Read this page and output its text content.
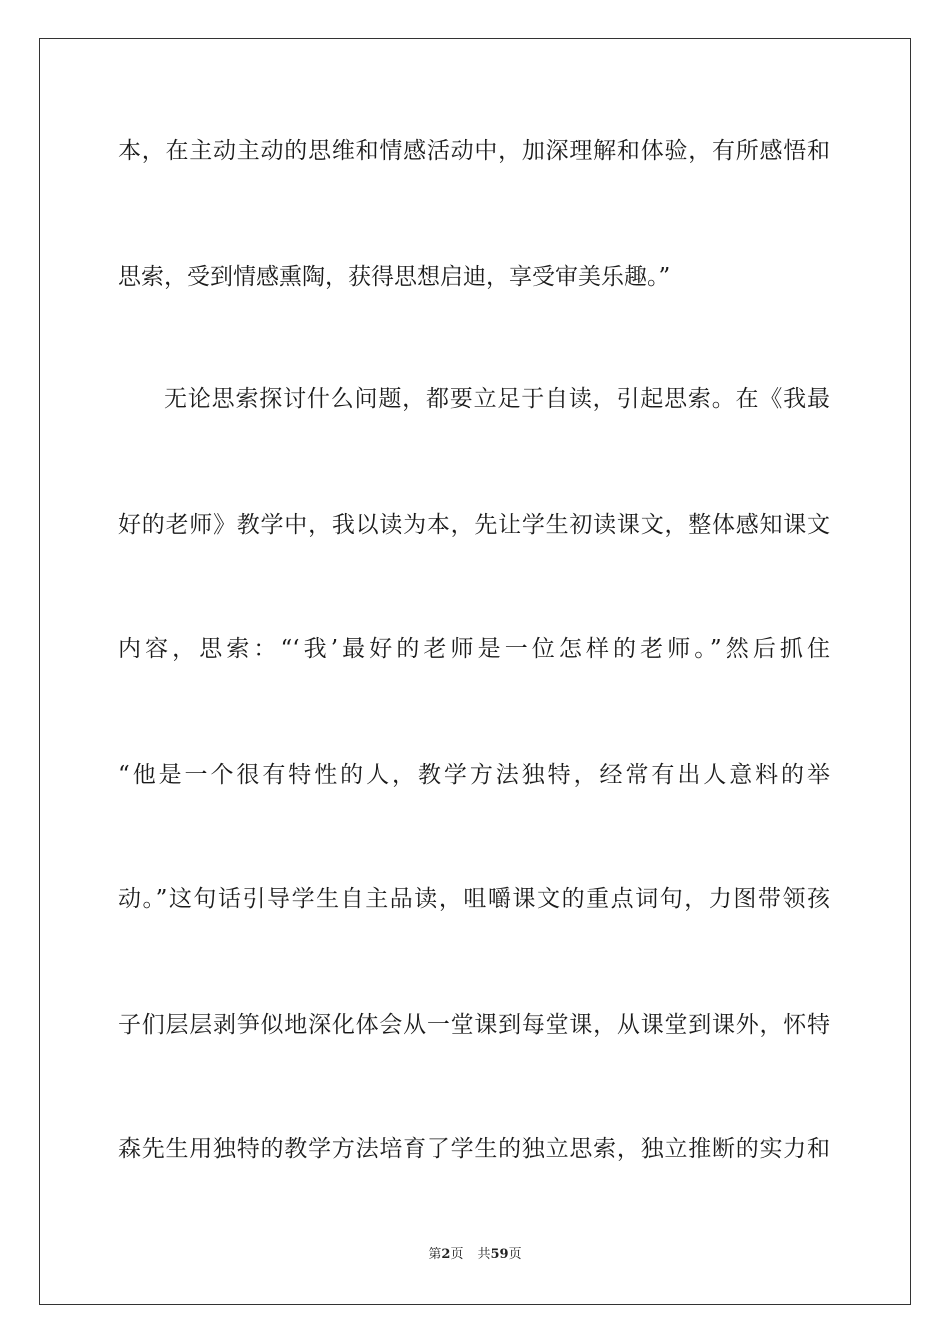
本，在主动主动的思维和情感活动中，加深理解和体验，有所感悟和
思索，受到情感熏陶，获得思想启迪，享受审美乐趣。”
无论思索探讨什么问题，都要立足于自读，引起思索。在《我最
好的老师》教学中，我以读为本，先让学生初读课文，整体感知课文
内容，思索：“‘我’最好的老师是一位怎样的老师。”然后抓住
“他是一个很有特性的人，教学方法独特，经常有出人意料的举
动。”这句话引导学生自主品读，咀嚼课文的重点词句，力图带领孩
子们层层剥笋似地深化体会从一堂课到每堂课，从课堂到课外，怀特
森先生用独特的教学方法培育了学生的独立思索，独立推断的实力和
第2页 共59页
